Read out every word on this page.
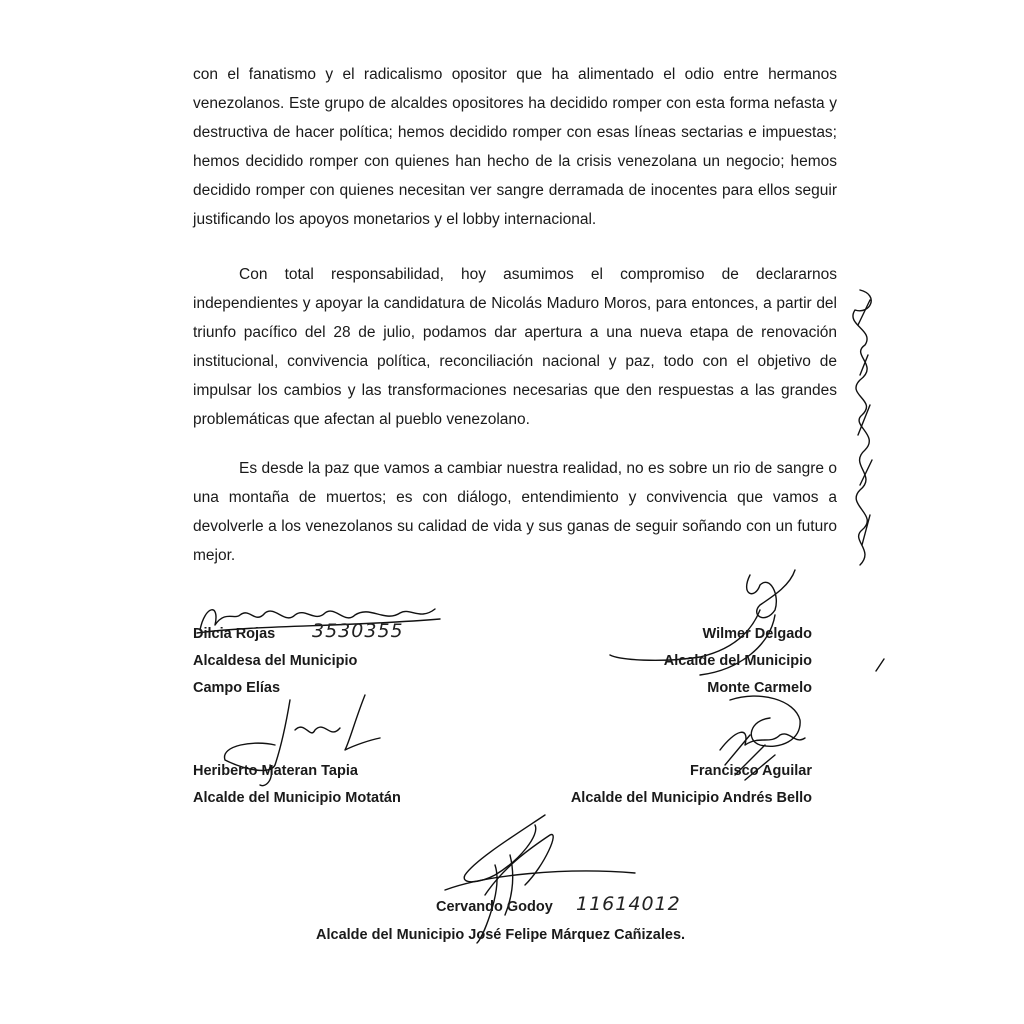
con el fanatismo y el radicalismo opositor que ha alimentado el odio entre hermanos venezolanos. Este grupo de alcaldes opositores ha decidido romper con esta forma nefasta y destructiva de hacer política; hemos decidido romper con esas líneas sectarias e impuestas; hemos decidido romper con quienes han hecho de la crisis venezolana un negocio; hemos decidido romper con quienes necesitan ver sangre derramada de inocentes para ellos seguir justificando los apoyos monetarios y el lobby internacional.

Con total responsabilidad, hoy asumimos el compromiso de declararnos independientes y apoyar la candidatura de Nicolás Maduro Moros, para entonces, a partir del triunfo pacífico del 28 de julio, podamos dar apertura a una nueva etapa de renovación institucional, convivencia política, reconciliación nacional y paz, todo con el objetivo de impulsar los cambios y las transformaciones necesarias que den respuestas a las grandes problemáticas que afectan al pueblo venezolano.

Es desde la paz que vamos a cambiar nuestra realidad, no es sobre un rio de sangre o una montaña de muertos; es con diálogo, entendimiento y convivencia que vamos a devolverle a los venezolanos su calidad de vida y sus ganas de seguir soñando con un futuro mejor.

Dilcia Rojas 3530355
Alcaldesa del Municipio
Campo Elías
Wilmer Delgado
Alcalde del Municipio
Monte Carmelo
Heriberto Materan Tapia
Alcalde del Municipio Motatán
Francisco Aguilar
Alcalde del Municipio Andrés Bello
Cervando Godoy 11614012
Alcalde del Municipio José Felipe Márquez Cañizales.
